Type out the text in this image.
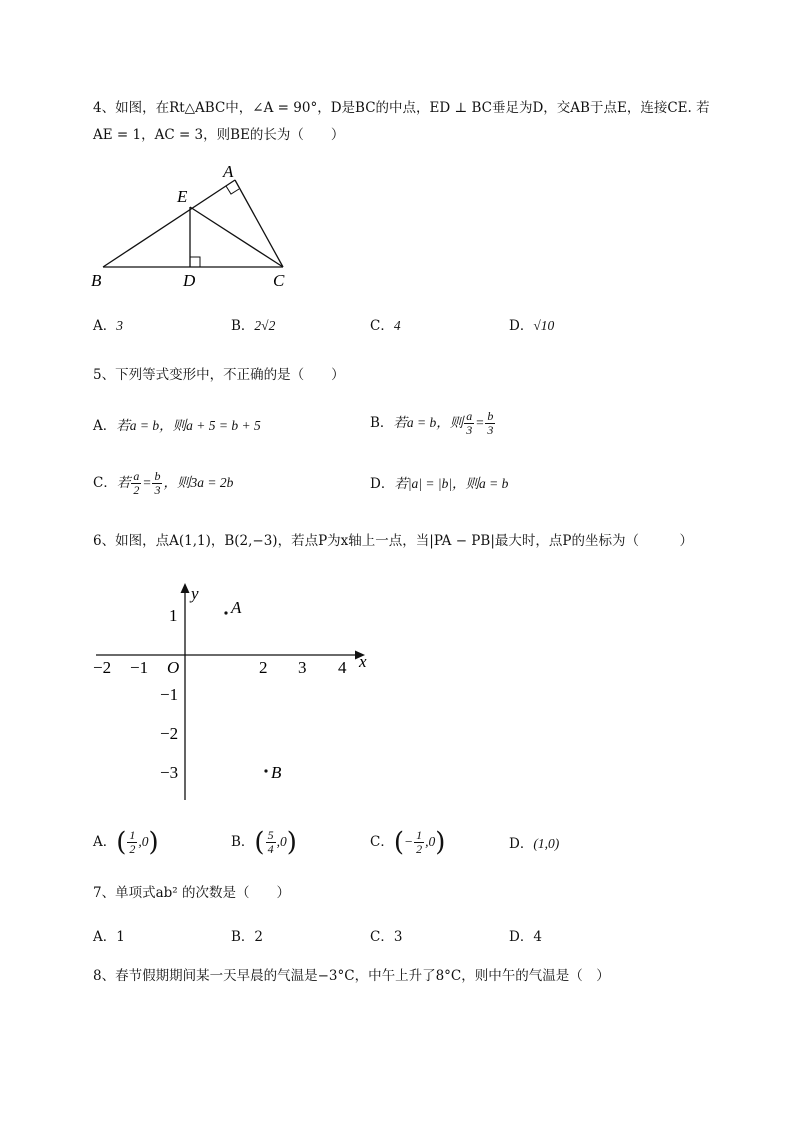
4、如图，在Rt△ABC中，∠A = 90°，D是BC的中点，ED ⊥ BC垂足为D，交AB于点E，连接CE. 若
AE = 1，AC = 3，则BE的长为（　　）
A
E
B	D	C
A．3	B．2√2	C．4	D．√10
5、下列等式变形中，不正确的是（　　）
A．若a = b，则a + 5 = b + 5	B．若a = b，则 $\frac{a}{3} = \frac{b}{3}$
C．若 $\frac{a}{2} = \frac{b}{3}$ ，则3a = 2b	D．若|a| = |b|，则a = b
6、如图，点A(1,1)，B(2,−3)，若点P为x轴上一点，当|PA − PB|最大时，点P的坐标为（　　　）
y
x
O
−2 −1	2 3 4
1
−1
−2
−3
A
B
A．( $\frac{1}{2} ,0$)	B．( $\frac{5}{4} ,0$)	C．(− $\frac{1}{2} ,0$)	D．(1,0)
7、单项式ab² 的次数是（　　）
A．1	B．2	C．3	D．4
8、春节假期期间某一天早晨的气温是−3°C，中午上升了8°C，则中午的气温是（　）
